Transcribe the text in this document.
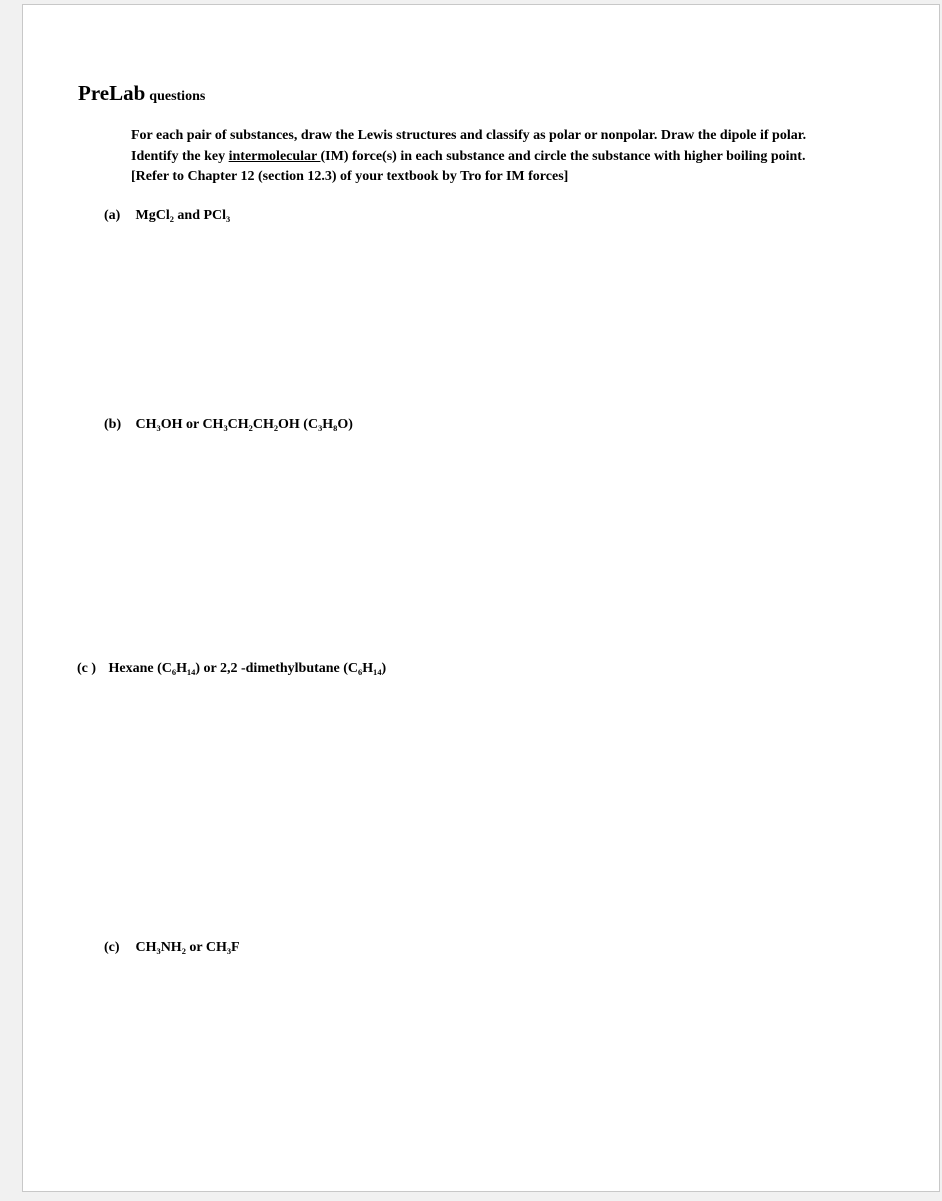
PreLab questions
For each pair of substances, draw the Lewis structures and classify as polar or nonpolar. Draw the dipole if polar.
Identify the key intermolecular (IM) force(s) in each substance and circle the substance with higher boiling point.
[Refer to Chapter 12 (section 12.3) of your textbook by Tro for IM forces]
(a) MgCl₂ and PCl₃
(b) CH₃OH or CH₃CH₂CH₂OH (C₃H₈O)
(c ) Hexane (C₆H₁₄) or 2,2 -dimethylbutane (C₆H₁₄)
(c) CH₃NH₂ or CH₃F
